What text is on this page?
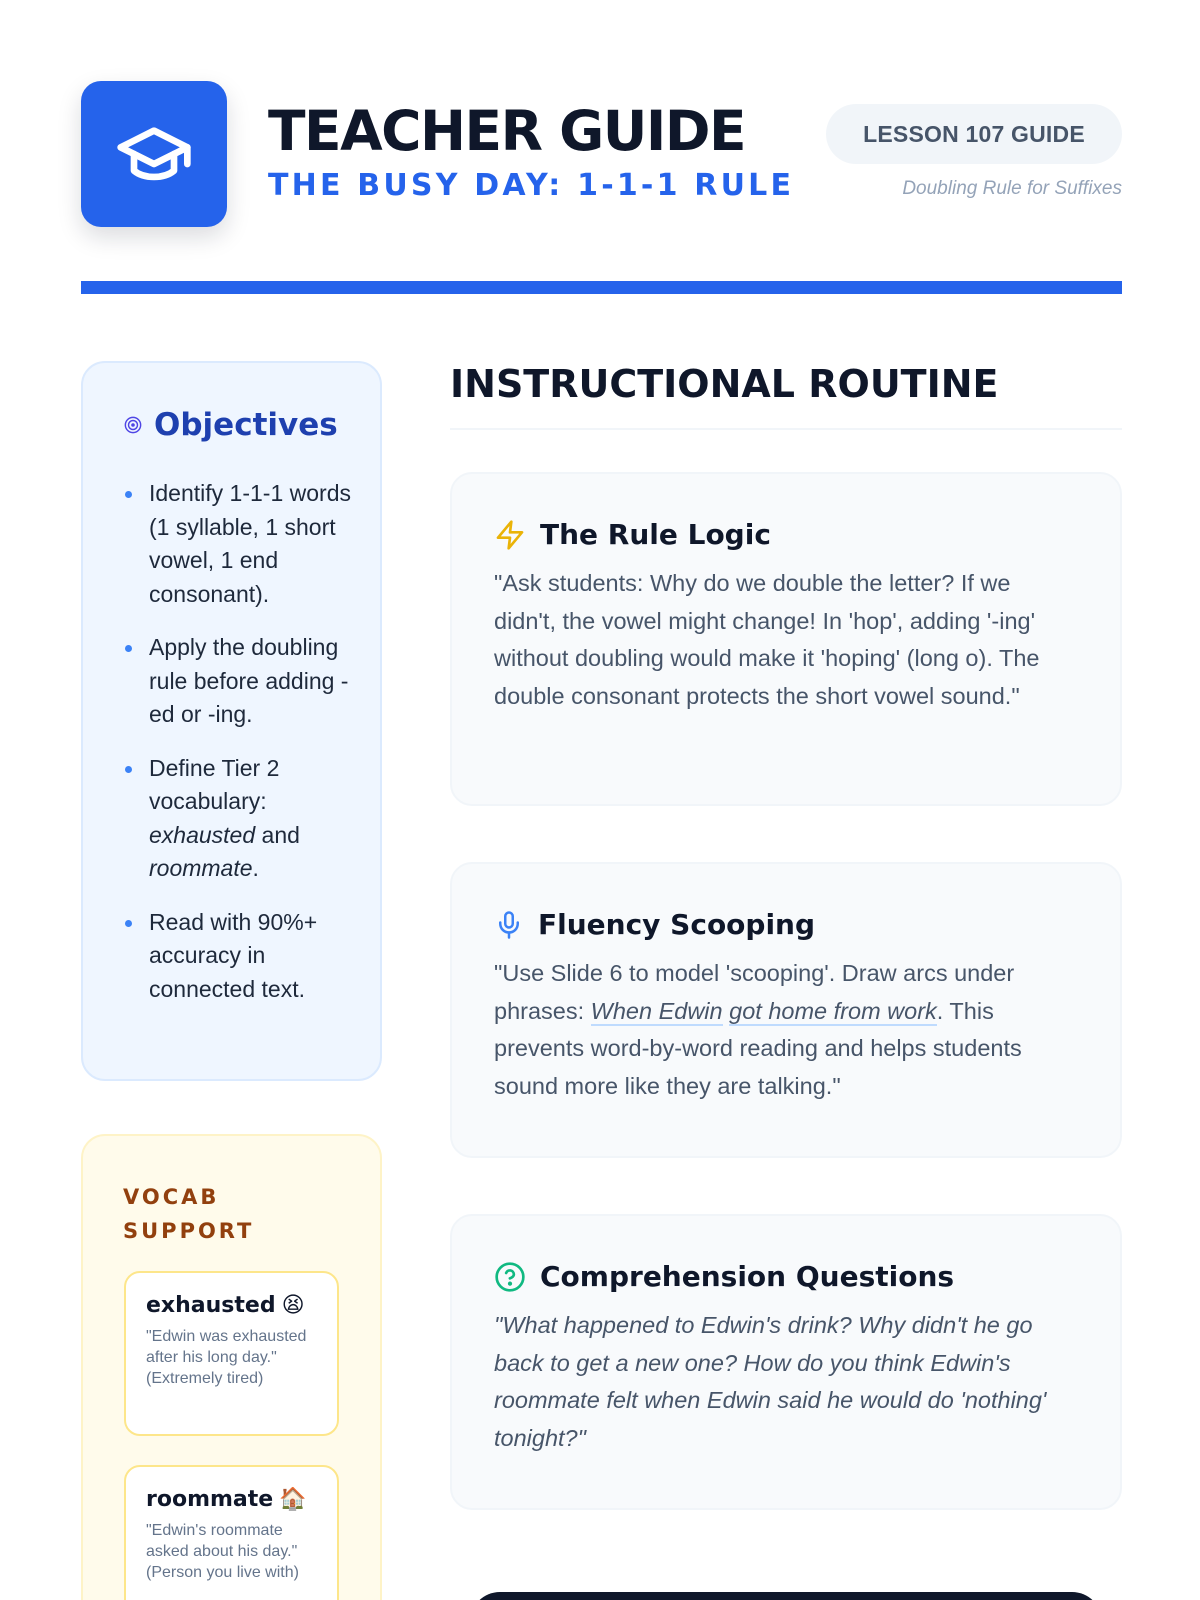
TEACHER GUIDE
THE BUSY DAY: 1-1-1 RULE
LESSON 107 GUIDE
Doubling Rule for Suffixes
Objectives
Identify 1-1-1 words (1 syllable, 1 short vowel, 1 end consonant).
Apply the doubling rule before adding -ed or -ing.
Define Tier 2 vocabulary: exhausted and roommate.
Read with 90%+ accuracy in connected text.
VOCAB SUPPORT
exhausted 😫
"Edwin was exhausted after his long day." (Extremely tired)
roommate 🏠
"Edwin's roommate asked about his day." (Person you live with)
INSTRUCTIONAL ROUTINE
The Rule Logic
"Ask students: Why do we double the letter? If we didn't, the vowel might change! In 'hop', adding '-ing' without doubling would make it 'hoping' (long o). The double consonant protects the short vowel sound."
Fluency Scooping
"Use Slide 6 to model 'scooping'. Draw arcs under phrases: When Edwin got home from work. This prevents word-by-word reading and helps students sound more like they are talking."
Comprehension Questions
"What happened to Edwin's drink? Why didn't he go back to get a new one? How do you think Edwin's roommate felt when Edwin said he would do 'nothing' tonight?"
